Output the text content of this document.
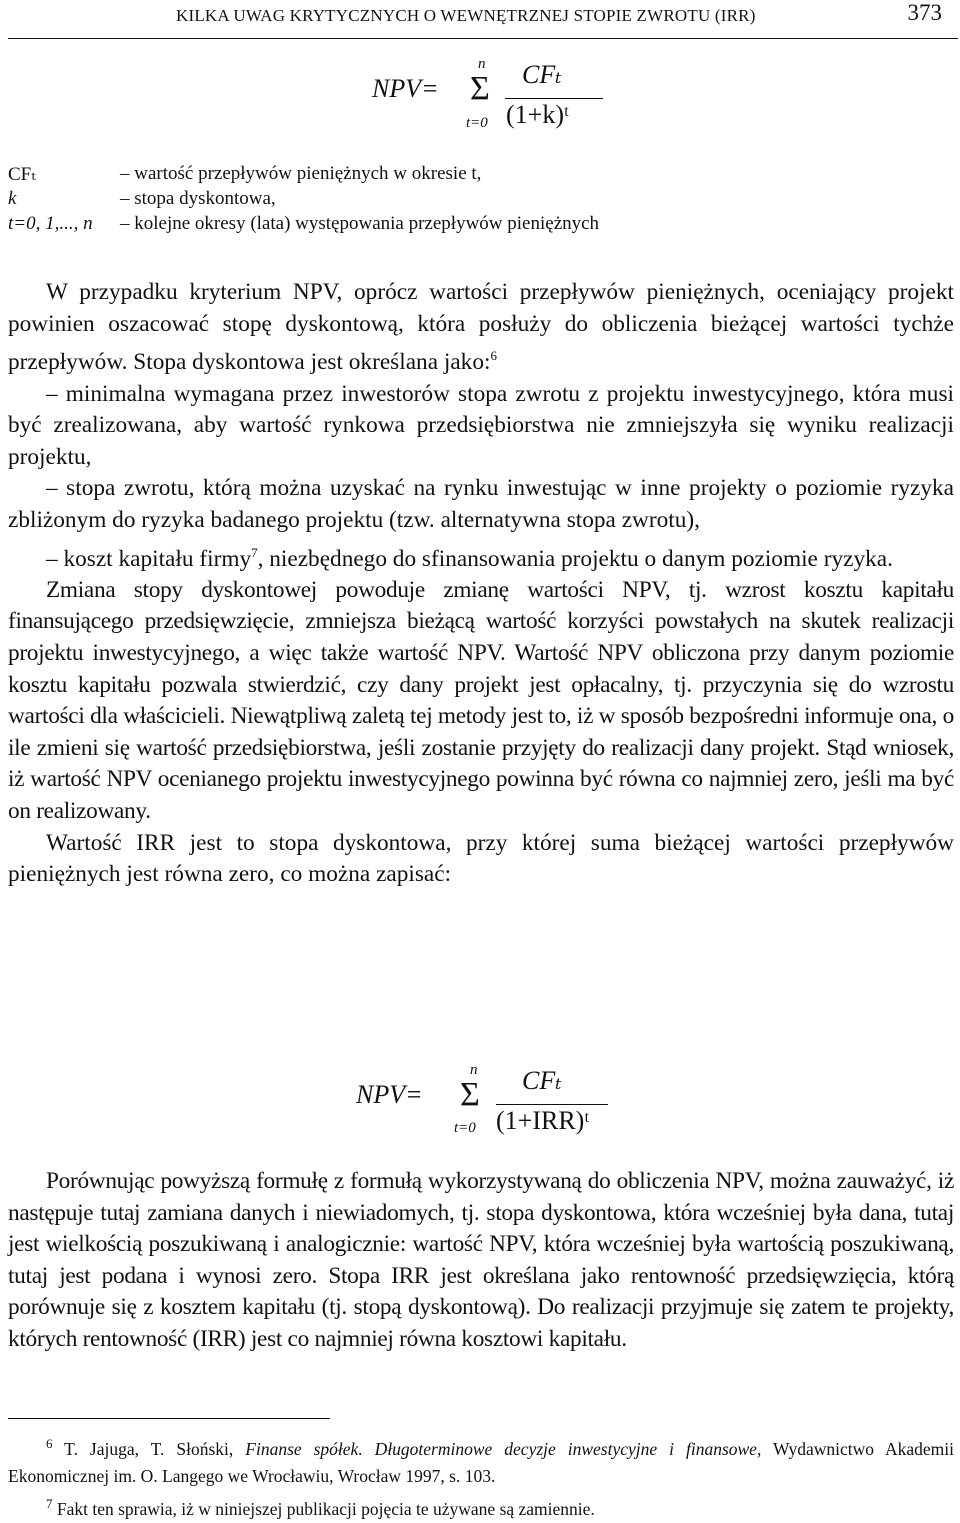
KILKA UWAG KRYTYCZNYCH O WEWNĘTRZNEJ STOPIE ZWROTU (IRR)	373
NPV=
n
Σ
t=0
CFₜ
(1+k)ᵗ
CFₜ	– wartość przepływów pieniężnych w okresie t,
k	– stopa dyskontowa,
t=0, 1,..., n – kolejne okresy (lata) występowania przepływów pieniężnych

W przypadku kryterium NPV, oprócz wartości przepływów pieniężnych, oceniający projekt powinien oszacować stopę dyskontową, która posłuży do obliczenia bieżącej wartości tychże przepływów. Stopa dyskontowa jest określana jako:$^6$

– minimalna wymagana przez inwestorów stopa zwrotu z projektu inwestycyjnego, która musi być zrealizowana, aby wartość rynkowa przedsiębiorstwa nie zmniejszyła się wyniku realizacji projektu,

– stopa zwrotu, którą można uzyskać na rynku inwestując w inne projekty o poziomie ryzyka zbliżonym do ryzyka badanego projektu (tzw. alternatywna stopa zwrotu),

– koszt kapitału firmy$^7$, niezbędnego do sfinansowania projektu o danym poziomie ryzyka.

Zmiana stopy dyskontowej powoduje zmianę wartości NPV, tj. wzrost kosztu kapitału finansującego przedsięwzięcie, zmniejsza bieżącą wartość korzyści powstałych na skutek realizacji projektu inwestycyjnego, a więc także wartość NPV. Wartość NPV obliczona przy danym poziomie kosztu kapitału pozwala stwierdzić, czy dany projekt jest opłacalny, tj. przyczynia się do wzrostu wartości dla właścicieli. Niewątpliwą zaletą tej metody jest to, iż w sposób bezpośredni informuje ona, o ile zmieni się wartość przedsiębiorstwa, jeśli zostanie przyjęty do realizacji dany projekt. Stąd wniosek, iż wartość NPV ocenianego projektu inwestycyjnego powinna być równa co najmniej zero, jeśli ma być on realizowany.

Wartość IRR jest to stopa dyskontowa, przy której suma bieżącej wartości przepływów pieniężnych jest równa zero, co można zapisać:

NPV=
n
Σ
t=0
CFₜ
(1+IRR)ᵗ

Porównując powyższą formułę z formułą wykorzystywaną do obliczenia NPV, można zauważyć, iż następuje tutaj zamiana danych i niewiadomych, tj. stopa dyskontowa, która wcześniej była dana, tutaj jest wielkością poszukiwaną i analogicznie: wartość NPV, która wcześniej była wartością poszukiwaną, tutaj jest podana i wynosi zero. Stopa IRR jest określana jako rentowność przedsięwzięcia, którą porównuje się z kosztem kapitału (tj. stopą dyskontową). Do realizacji przyjmuje się zatem te projekty, których rentowność (IRR) jest co najmniej równa kosztowi kapitału.

$^6$ T. Jajuga, T. Słoński, Finanse spółek. Długoterminowe decyzje inwestycyjne i finansowe, Wydawnictwo Akademii Ekonomicznej im. O. Langego we Wrocławiu, Wrocław 1997, s. 103.

$^7$ Fakt ten sprawia, iż w niniejszej publikacji pojęcia te używane są zamiennie.
